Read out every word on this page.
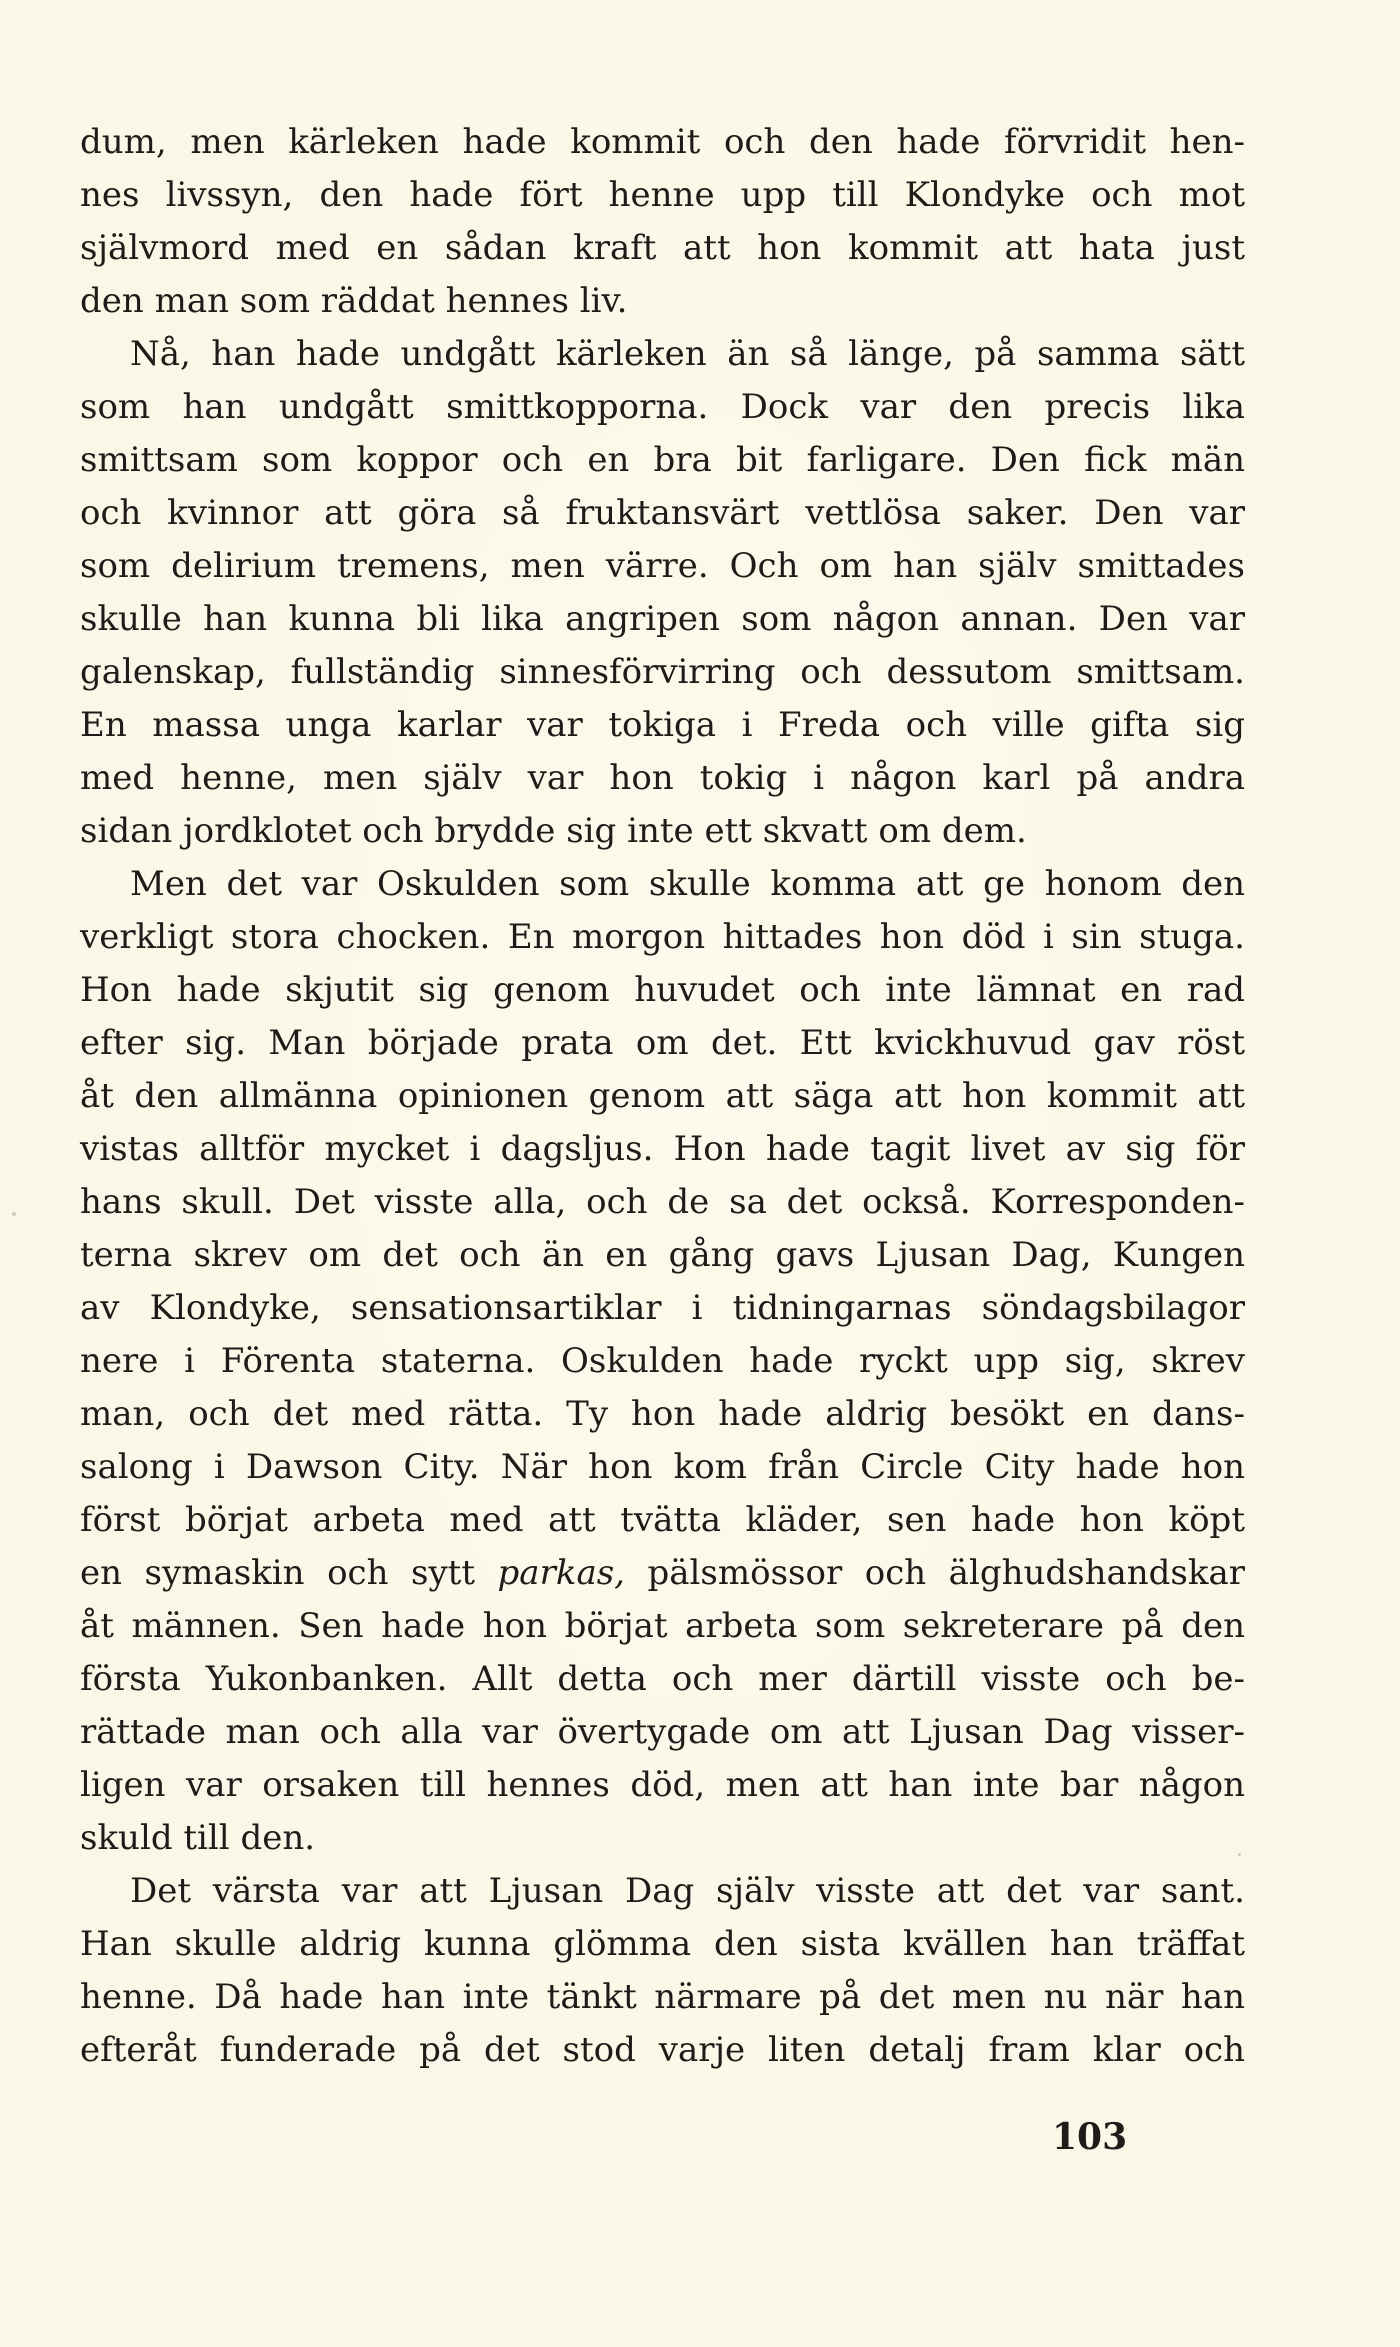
dum, men kärleken hade kommit och den hade förvridit hen-
nes livssyn, den hade fört henne upp till Klondyke och mot
självmord med en sådan kraft att hon kommit att hata just
den man som räddat hennes liv.
Nå, han hade undgått kärleken än så länge, på samma sätt
som han undgått smittkopporna. Dock var den precis lika
smittsam som koppor och en bra bit farligare. Den fick män
och kvinnor att göra så fruktansvärt vettlösa saker. Den var
som delirium tremens, men värre. Och om han själv smittades
skulle han kunna bli lika angripen som någon annan. Den var
galenskap, fullständig sinnesförvirring och dessutom smittsam.
En massa unga karlar var tokiga i Freda och ville gifta sig
med henne, men själv var hon tokig i någon karl på andra
sidan jordklotet och brydde sig inte ett skvatt om dem.
Men det var Oskulden som skulle komma att ge honom den
verkligt stora chocken. En morgon hittades hon död i sin stuga.
Hon hade skjutit sig genom huvudet och inte lämnat en rad
efter sig. Man började prata om det. Ett kvickhuvud gav röst
åt den allmänna opinionen genom att säga att hon kommit att
vistas alltför mycket i dagsljus. Hon hade tagit livet av sig för
hans skull. Det visste alla, och de sa det också. Korresponden-
terna skrev om det och än en gång gavs Ljusan Dag, Kungen
av Klondyke, sensationsartiklar i tidningarnas söndagsbilagor
nere i Förenta staterna. Oskulden hade ryckt upp sig, skrev
man, och det med rätta. Ty hon hade aldrig besökt en dans-
salong i Dawson City. När hon kom från Circle City hade hon
först börjat arbeta med att tvätta kläder, sen hade hon köpt
en symaskin och sytt parkas, pälsmössor och älghudshandskar
åt männen. Sen hade hon börjat arbeta som sekreterare på den
första Yukonbanken. Allt detta och mer därtill visste och be-
rättade man och alla var övertygade om att Ljusan Dag visser-
ligen var orsaken till hennes död, men att han inte bar någon
skuld till den.
Det värsta var att Ljusan Dag själv visste att det var sant.
Han skulle aldrig kunna glömma den sista kvällen han träffat
henne. Då hade han inte tänkt närmare på det men nu när han
efteråt funderade på det stod varje liten detalj fram klar och
103
